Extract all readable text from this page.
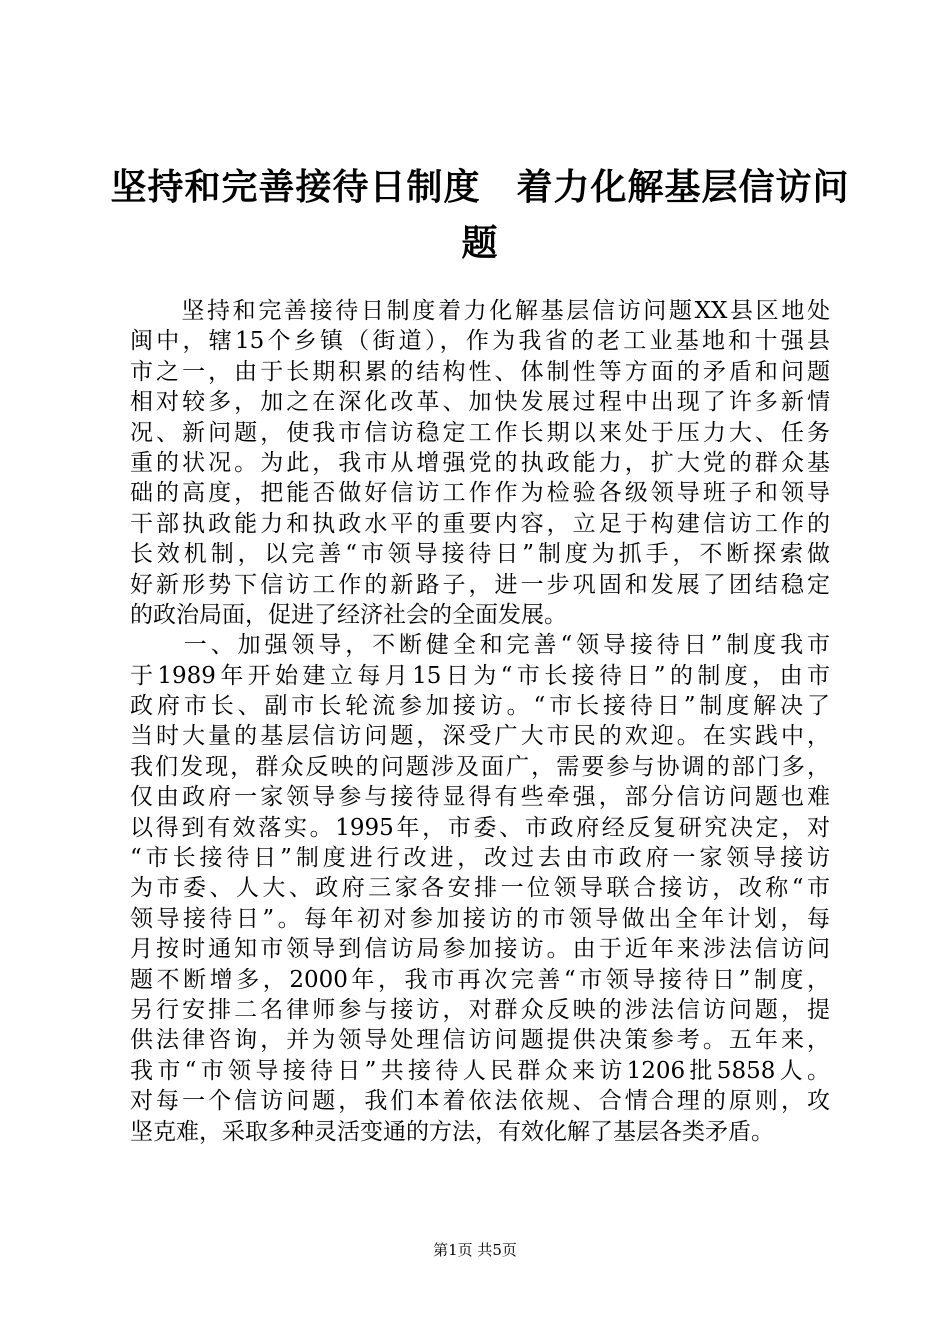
坚持和完善接待日制度 着力化解基层信访问
题

　　坚持和完善接待日制度着力化解基层信访问题XX县区地处
闽中，辖15个乡镇（街道），作为我省的老工业基地和十强县
市之一，由于长期积累的结构性、体制性等方面的矛盾和问题
相对较多，加之在深化改革、加快发展过程中出现了许多新情
况、新问题，使我市信访稳定工作长期以来处于压力大、任务
重的状况。为此，我市从增强党的执政能力，扩大党的群众基
础的高度，把能否做好信访工作作为检验各级领导班子和领导
干部执政能力和执政水平的重要内容，立足于构建信访工作的
长效机制，以完善“市领导接待日”制度为抓手，不断探索做
好新形势下信访工作的新路子，进一步巩固和发展了团结稳定
的政治局面，促进了经济社会的全面发展。

　　一、加强领导，不断健全和完善“领导接待日”制度我市
于1989年开始建立每月15日为“市长接待日”的制度，由市
政府市长、副市长轮流参加接访。“市长接待日”制度解决了
当时大量的基层信访问题，深受广大市民的欢迎。在实践中，
我们发现，群众反映的问题涉及面广，需要参与协调的部门多，
仅由政府一家领导参与接待显得有些牵强，部分信访问题也难
以得到有效落实。1995年，市委、市政府经反复研究决定，对
“市长接待日”制度进行改进，改过去由市政府一家领导接访
为市委、人大、政府三家各安排一位领导联合接访，改称“市
领导接待日”。每年初对参加接访的市领导做出全年计划，每
月按时通知市领导到信访局参加接访。由于近年来涉法信访问
题不断增多，2000年，我市再次完善“市领导接待日”制度，
另行安排二名律师参与接访，对群众反映的涉法信访问题，提
供法律咨询，并为领导处理信访问题提供决策参考。五年来，
我市“市领导接待日”共接待人民群众来访1206批5858人。
对每一个信访问题，我们本着依法依规、合情合理的原则，攻
坚克难，采取多种灵活变通的方法，有效化解了基层各类矛盾。

第1页 共5页
